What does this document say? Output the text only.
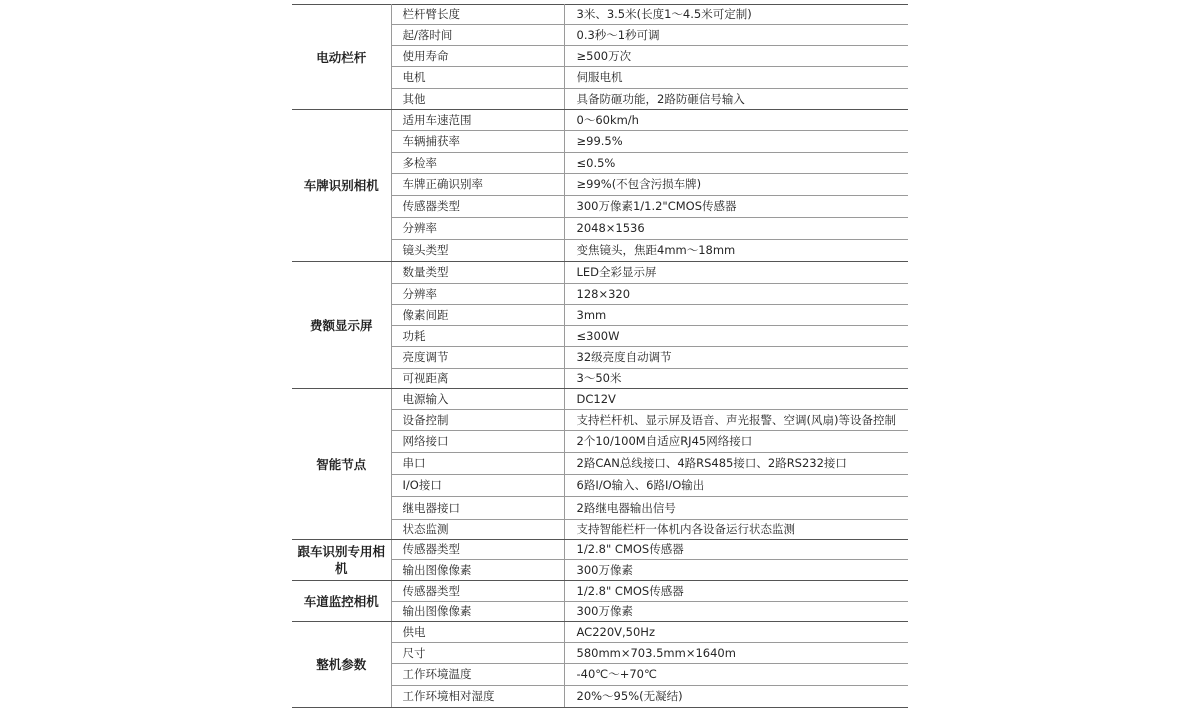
电动栏杆	栏杆臂长度	3米、3.5米(长度1～4.5米可定制)
	起/落时间	0.3秒～1秒可调
	使用寿命	≥500万次
	电机	伺服电机
	其他	具备防砸功能，2路防砸信号输入
车牌识别相机	适用车速范围	0～60km/h
	车辆捕获率	≥99.5%
	多检率	≤0.5%
	车牌正确识别率	≥99%(不包含污损车牌)
	传感器类型	300万像素1/1.2"CMOS传感器
	分辨率	2048×1536
	镜头类型	变焦镜头，焦距4mm～18mm
费额显示屏	数量类型	LED全彩显示屏
	分辨率	128×320
	像素间距	3mm
	功耗	≤300W
	亮度调节	32级亮度自动调节
	可视距离	3～50米
智能节点	电源输入	DC12V
	设备控制	支持栏杆机、显示屏及语音、声光报警、空调(风扇)等设备控制
	网络接口	2个10/100M自适应RJ45网络接口
	串口	2路CAN总线接口、4路RS485接口、2路RS232接口
	I/O接口	6路I/O输入、6路I/O输出
	继电器接口	2路继电器输出信号
	状态监测	支持智能栏杆一体机内各设备运行状态监测
跟车识别专用相机	传感器类型	1/2.8" CMOS传感器
	输出图像像素	300万像素
车道监控相机	传感器类型	1/2.8" CMOS传感器
	输出图像像素	300万像素
整机参数	供电	AC220V,50Hz
	尺寸	580mm×703.5mm×1640m
	工作环境温度	-40℃～+70℃
	工作环境相对湿度	20%～95%(无凝结)
